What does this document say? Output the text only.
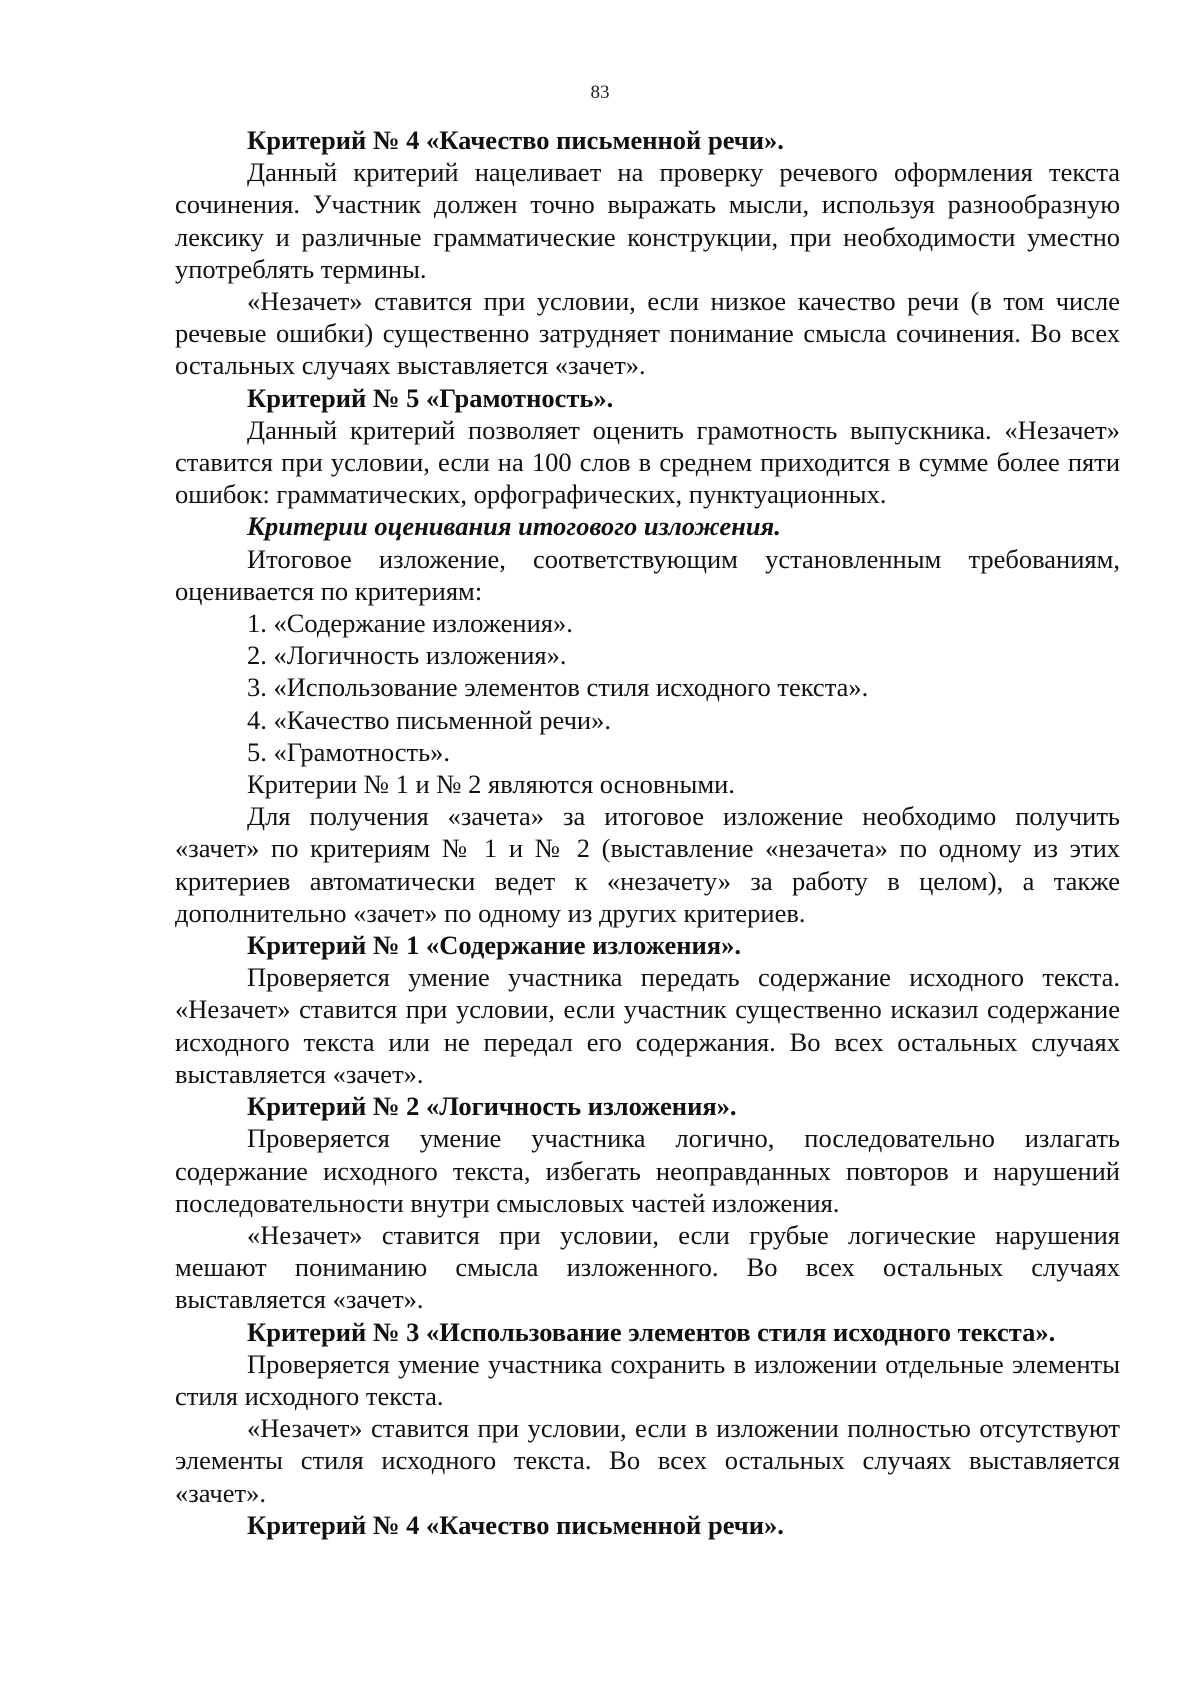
83

Критерий № 4 «Качество письменной речи».

Данный критерий нацеливает на проверку речевого оформления текста сочинения. Участник должен точно выражать мысли, используя разнообразную лексику и различные грамматические конструкции, при необходимости уместно употреблять термины.

«Незачет» ставится при условии, если низкое качество речи (в том числе речевые ошибки) существенно затрудняет понимание смысла сочинения. Во всех остальных случаях выставляется «зачет».

Критерий № 5 «Грамотность».

Данный критерий позволяет оценить грамотность выпускника. «Незачет» ставится при условии, если на 100 слов в среднем приходится в сумме более пяти ошибок: грамматических, орфографических, пунктуационных.

Критерии оценивания итогового изложения.

Итоговое изложение, соответствующим установленным требованиям, оценивается по критериям:

1. «Содержание изложения».

2. «Логичность изложения».

3. «Использование элементов стиля исходного текста».

4. «Качество письменной речи».

5. «Грамотность».

Критерии № 1 и № 2 являются основными.

Для получения «зачета» за итоговое изложение необходимо получить «зачет» по критериям № 1 и № 2 (выставление «незачета» по одному из этих критериев автоматически ведет к «незачету» за работу в целом), а также дополнительно «зачет» по одному из других критериев.

Критерий № 1 «Содержание изложения».

Проверяется умение участника передать содержание исходного текста. «Незачет» ставится при условии, если участник существенно исказил содержание исходного текста или не передал его содержания. Во всех остальных случаях выставляется «зачет».

Критерий № 2 «Логичность изложения».

Проверяется умение участника логично, последовательно излагать содержание исходного текста, избегать неоправданных повторов и нарушений последовательности внутри смысловых частей изложения.

«Незачет» ставится при условии, если грубые логические нарушения мешают пониманию смысла изложенного. Во всех остальных случаях выставляется «зачет».

Критерий № 3 «Использование элементов стиля исходного текста».

Проверяется умение участника сохранить в изложении отдельные элементы стиля исходного текста.

«Незачет» ставится при условии, если в изложении полностью отсутствуют элементы стиля исходного текста. Во всех остальных случаях выставляется «зачет».

Критерий № 4 «Качество письменной речи».
